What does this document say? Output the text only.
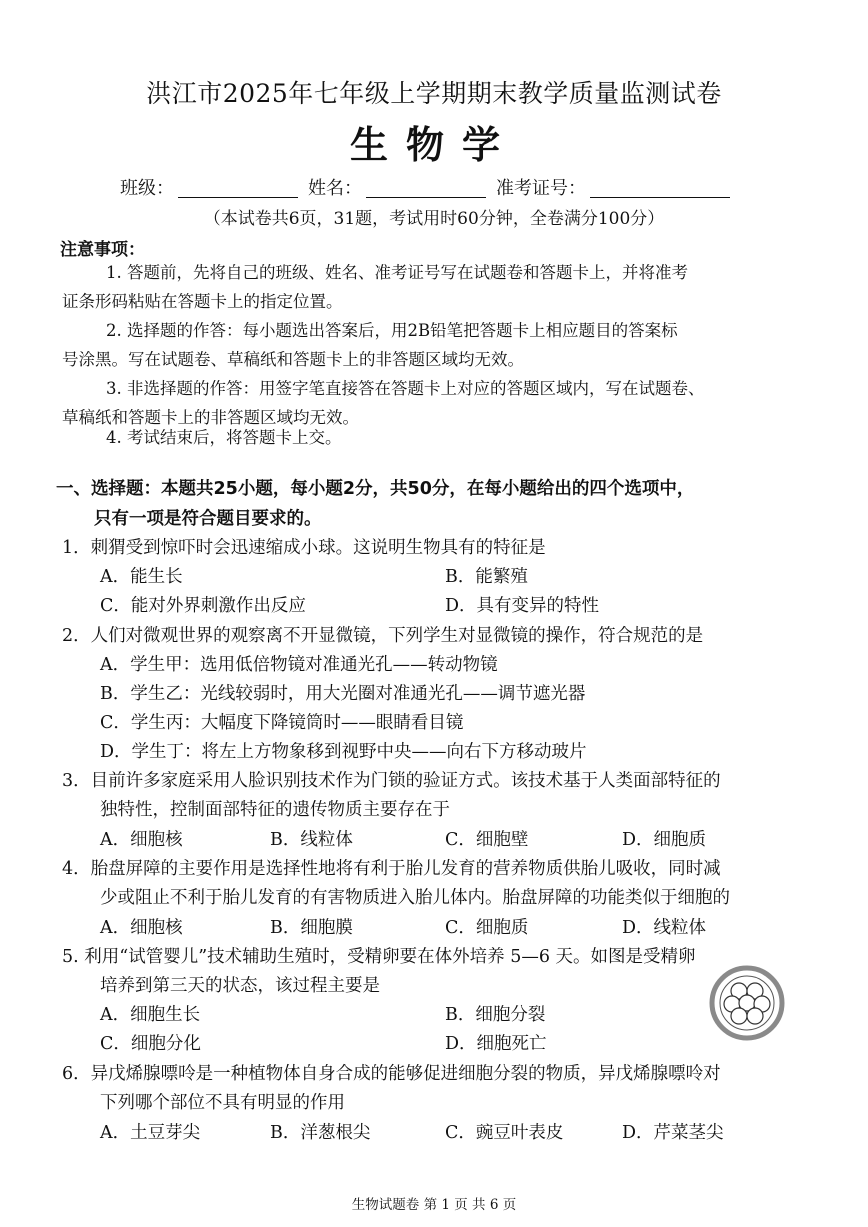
洪江市2025年七年级上学期期末教学质量监测试卷
生物学
班级：	姓名：	准考证号：
（本试卷共6页，31题，考试用时60分钟，全卷满分100分）
注意事项：
1. 答题前，先将自己的班级、姓名、准考证号写在试题卷和答题卡上，并将准考
证条形码粘贴在答题卡上的指定位置。
2. 选择题的作答：每小题选出答案后，用2B铅笔把答题卡上相应题目的答案标
号涂黑。写在试题卷、草稿纸和答题卡上的非答题区域均无效。
3. 非选择题的作答：用签字笔直接答在答题卡上对应的答题区域内，写在试题卷、
草稿纸和答题卡上的非答题区域均无效。
4. 考试结束后，将答题卡上交。
一、选择题：本题共25小题，每小题2分，共50分，在每小题给出的四个选项中，
只有一项是符合题目要求的。
1．刺猬受到惊吓时会迅速缩成小球。这说明生物具有的特征是
A．能生长	B．能繁殖
C．能对外界刺激作出反应	D．具有变异的特性
2．人们对微观世界的观察离不开显微镜，下列学生对显微镜的操作，符合规范的是
A．学生甲：选用低倍物镜对准通光孔——转动物镜
B．学生乙：光线较弱时，用大光圈对准通光孔——调节遮光器
C．学生丙：大幅度下降镜筒时——眼睛看目镜
D．学生丁：将左上方物象移到视野中央——向右下方移动玻片
3．目前许多家庭采用人脸识别技术作为门锁的验证方式。该技术基于人类面部特征的
独特性，控制面部特征的遗传物质主要存在于
A．细胞核	B．线粒体	C．细胞壁	D．细胞质
4．胎盘屏障的主要作用是选择性地将有利于胎儿发育的营养物质供胎儿吸收，同时减
少或阻止不利于胎儿发育的有害物质进入胎儿体内。胎盘屏障的功能类似于细胞的
A．细胞核	B．细胞膜	C．细胞质	D．线粒体
5. 利用“试管婴儿”技术辅助生殖时，受精卵要在体外培养 5—6 天。如图是受精卵
培养到第三天的状态，该过程主要是
A．细胞生长	B．细胞分裂
C．细胞分化	D．细胞死亡
6．异戊烯腺嘌呤是一种植物体自身合成的能够促进细胞分裂的物质，异戊烯腺嘌呤对
下列哪个部位不具有明显的作用
A．土豆芽尖	B．洋葱根尖	C．豌豆叶表皮	D．芹菜茎尖
生物试题卷 第 1 页 共 6 页
